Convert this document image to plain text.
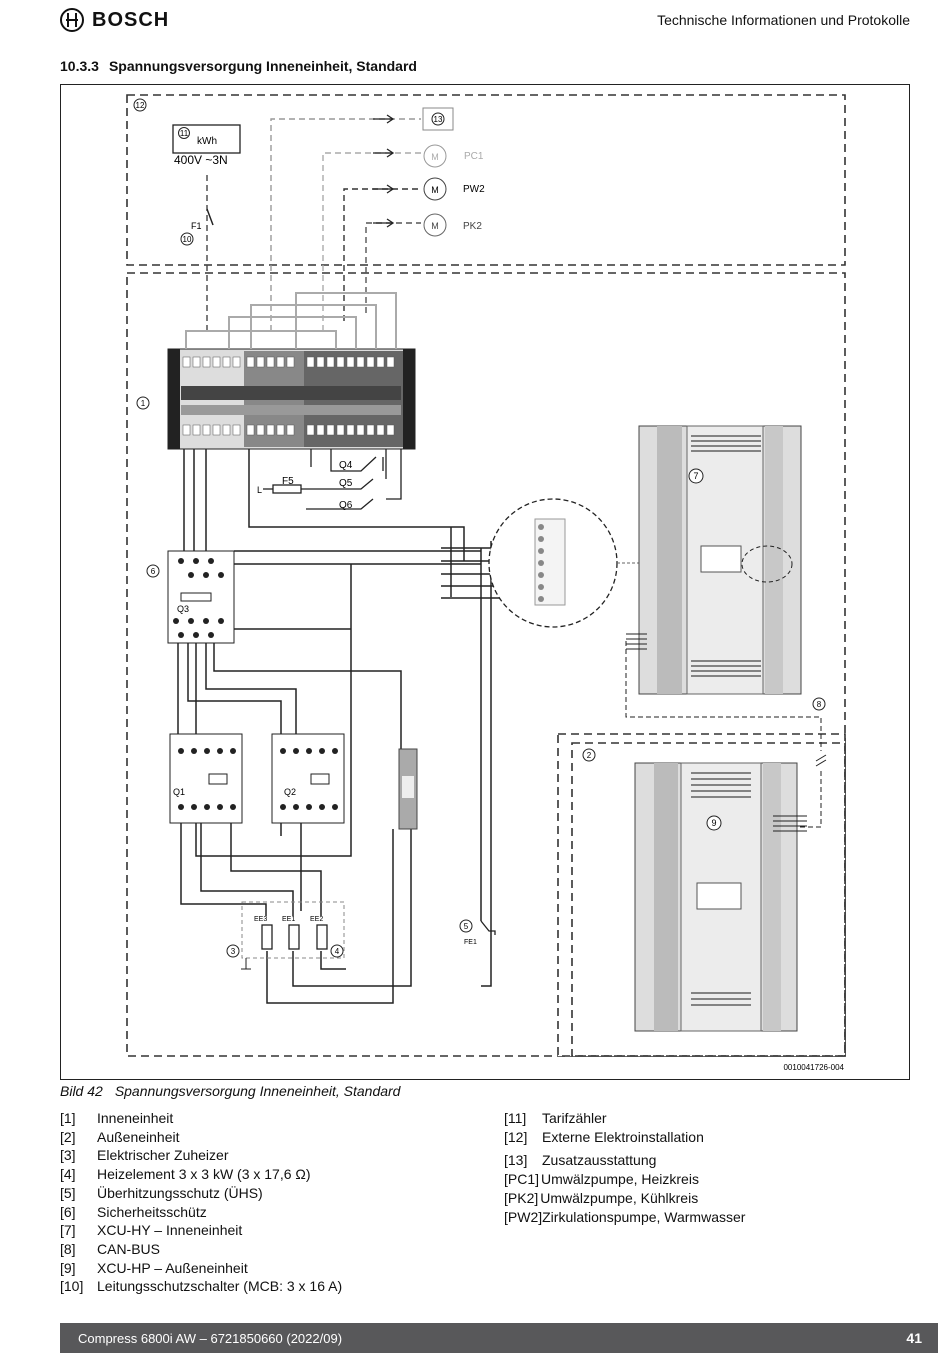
BOSCH	Technische Informationen und Protokolle
10.3.3 Spannungsversorgung Inneneinheit, Standard
11
kWh
400V ~3N
12
13
M
M
M
PC1
PW2
PK2
F1
10
1
Q4
Q5
Q6
F5
L
Q3
6
Q1	Q2
EE3 EE1 EE2
3	4
5
FE1
7
8
9
2
0010041726-004
Bild 42 Spannungsversorgung Inneneinheit, Standard
[1]	Inneneinheit
[2]	Außeneinheit
[3]	Elektrischer Zuheizer
[4]	Heizelement 3 x 3 kW (3 x 17,6 Ω)
[5]	Überhitzungsschutz (ÜHS)
[6]	Sicherheitsschütz
[7]	XCU-HY – Inneneinheit
[8]	CAN-BUS
[9]	XCU-HP – Außeneinheit
[10] Leitungsschutzschalter (MCB: 3 x 16 A)
[11]	Tarifzähler
[12]	Externe Elektroinstallation
[13]	Zusatzausstattung
[PC1] Umwälzpumpe, Heizkreis
[PK2] Umwälzpumpe, Kühlkreis
[PW2] Zirkulationspumpe, Warmwasser
Compress 6800i AW – 6721850660 (2022/09)	41
